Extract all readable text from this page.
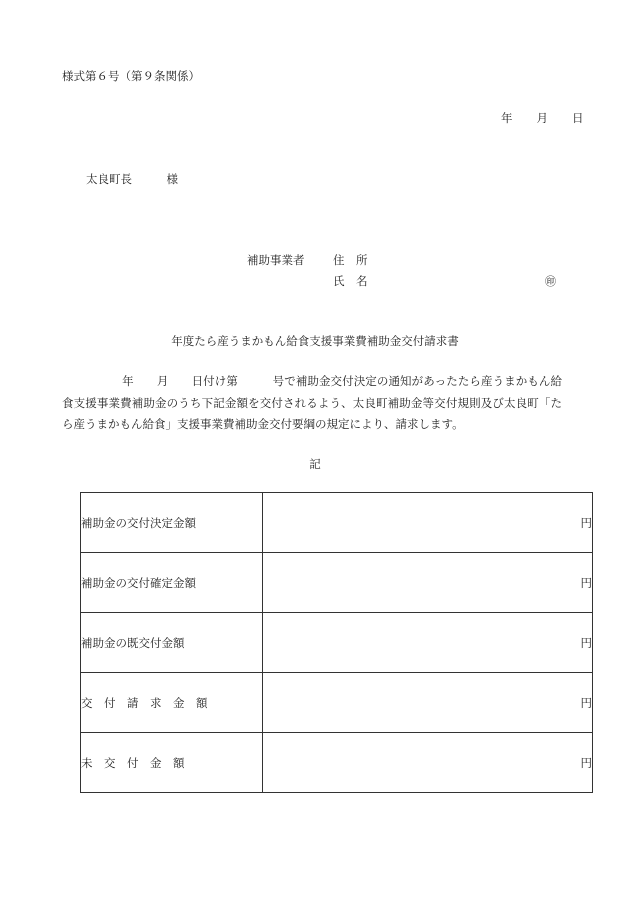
様式第６号（第９条関係）
年 月 日
太良町長　　　様
補助事業者 住　所
氏　名	㊞
年度たら産うまかもん給食支援事業費補助金交付請求書
年　　月　　日付け第　　　号で補助金交付決定の通知があったたら産うまかもん給食支援事業費補助金のうち下記金額を交付されるよう、太良町補助金等交付規則及び太良町「たら産うまかもん給食」支援事業費補助金交付要綱の規定により、請求します。
記
補助金の交付決定金額	円
補助金の交付確定金額	円
補助金の既交付金額	円
交　付　請　求　金　額	円
未　交　付　金　額	円
